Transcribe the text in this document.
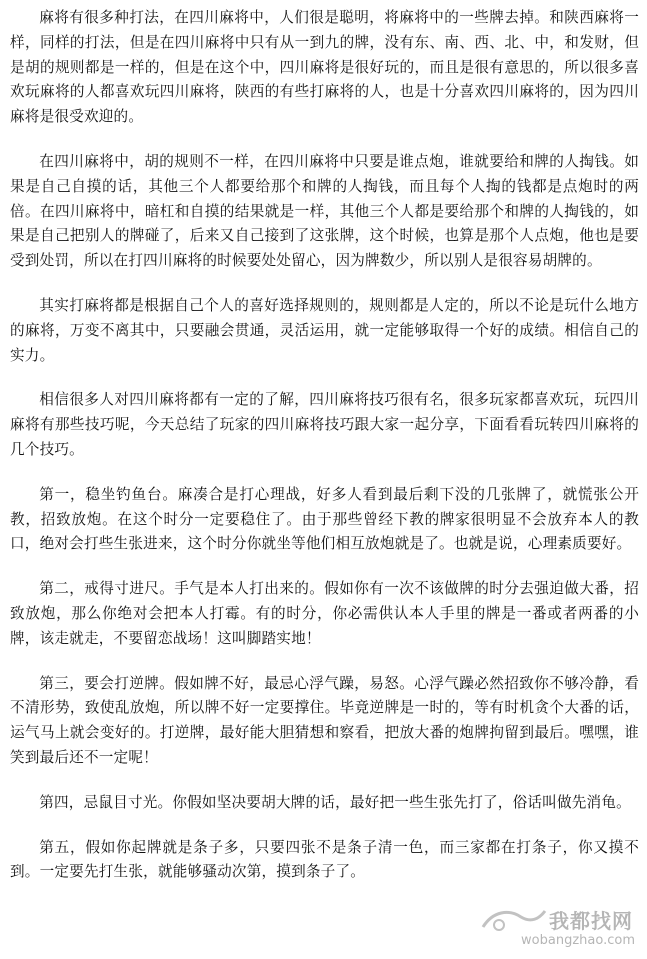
麻将有很多种打法，在四川麻将中，人们很是聪明，将麻将中的一些牌去掉。和陕西麻将一样，同样的打法，但是在四川麻将中只有从一到九的牌，没有东、南、西、北、中，和发财，但是胡的规则都是一样的，但是在这个中，四川麻将是很好玩的，而且是很有意思的，所以很多喜欢玩麻将的人都喜欢玩四川麻将，陕西的有些打麻将的人，也是十分喜欢四川麻将的，因为四川麻将是很受欢迎的。

在四川麻将中，胡的规则不一样，在四川麻将中只要是谁点炮，谁就要给和牌的人掏钱。如果是自己自摸的话，其他三个人都要给那个和牌的人掏钱，而且每个人掏的钱都是点炮时的两倍。在四川麻将中，暗杠和自摸的结果就是一样，其他三个人都是要给那个和牌的人掏钱的，如果是自己把别人的牌碰了，后来又自己接到了这张牌，这个时候，也算是那个人点炮，他也是要受到处罚，所以在打四川麻将的时候要处处留心，因为牌数少，所以别人是很容易胡牌的。

其实打麻将都是根据自己个人的喜好选择规则的，规则都是人定的，所以不论是玩什么地方的麻将，万变不离其中，只要融会贯通，灵活运用，就一定能够取得一个好的成绩。相信自己的实力。

相信很多人对四川麻将都有一定的了解，四川麻将技巧很有名，很多玩家都喜欢玩，玩四川麻将有那些技巧呢，今天总结了玩家的四川麻将技巧跟大家一起分享，下面看看玩转四川麻将的几个技巧。

第一，稳坐钓鱼台。麻凑合是打心理战，好多人看到最后剩下没的几张牌了，就慌张公开教，招致放炮。在这个时分一定要稳住了。由于那些曾经下教的牌家很明显不会放弃本人的教口，绝对会打些生张进来，这个时分你就坐等他们相互放炮就是了。也就是说，心理素质要好。

第二，戒得寸进尺。手气是本人打出来的。假如你有一次不该做牌的时分去强迫做大番，招致放炮，那么你绝对会把本人打霉。有的时分，你必需供认本人手里的牌是一番或者两番的小牌，该走就走，不要留恋战场！这叫脚踏实地！

第三，要会打逆牌。假如牌不好，最忌心浮气躁，易怒。心浮气躁必然招致你不够冷静，看不清形势，致使乱放炮，所以牌不好一定要撑住。毕竟逆牌是一时的，等有时机贪个大番的话，运气马上就会变好的。打逆牌，最好能大胆猜想和察看，把放大番的炮牌拘留到最后。嘿嘿，谁笑到最后还不一定呢！

第四，忌鼠目寸光。你假如坚决要胡大牌的话，最好把一些生张先打了，俗话叫做先消龟。

第五，假如你起牌就是条子多，只要四张不是条子清一色，而三家都在打条子，你又摸不到。一定要先打生张，就能够骚动次第，摸到条子了。

我都找网
wobangzhao.com
